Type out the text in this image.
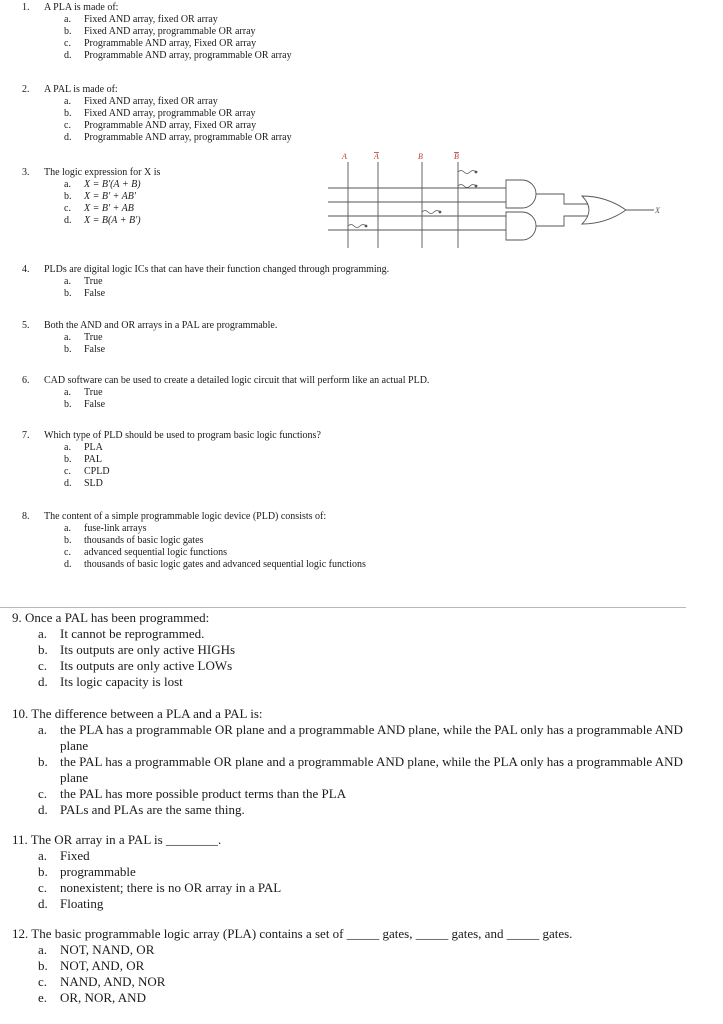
1. A PLA is made of:
a. Fixed AND array, fixed OR array
b. Fixed AND array, programmable OR array
c. Programmable AND array, Fixed OR array
d. Programmable AND array, programmable OR array
2. A PAL is made of:
a. Fixed AND array, fixed OR array
b. Fixed AND array, programmable OR array
c. Programmable AND array, Fixed OR array
d. Programmable AND array, programmable OR array
3. The logic expression for X is
a. X = B'(A + B)
b. X = B' + AB'
c. X = B' + AB
d. X = B(A + B')
A	A	B	B
X
4. PLDs are digital logic ICs that can have their function changed through programming.
a. True
b. False
5. Both the AND and OR arrays in a PAL are programmable.
a. True
b. False
6. CAD software can be used to create a detailed logic circuit that will perform like an actual PLD.
a. True
b. False
7. Which type of PLD should be used to program basic logic functions?
a. PLA
b. PAL
c. CPLD
d. SLD
8. The content of a simple programmable logic device (PLD) consists of:
a. fuse-link arrays
b. thousands of basic logic gates
c. advanced sequential logic functions
d. thousands of basic logic gates and advanced sequential logic functions
9. Once a PAL has been programmed:
a. It cannot be reprogrammed.
b. Its outputs are only active HIGHs
c. Its outputs are only active LOWs
d. Its logic capacity is lost
10. The difference between a PLA and a PAL is:
a. the PLA has a programmable OR plane and a programmable AND plane, while the PAL only has a programmable AND plane
b. the PAL has a programmable OR plane and a programmable AND plane, while the PLA only has a programmable AND plane
c. the PAL has more possible product terms than the PLA
d. PALs and PLAs are the same thing.
11. The OR array in a PAL is ________.
a. Fixed
b. programmable
c. nonexistent; there is no OR array in a PAL
d. Floating
12. The basic programmable logic array (PLA) contains a set of _____ gates, _____ gates, and _____ gates.
a. NOT, NAND, OR
b. NOT, AND, OR
c. NAND, AND, NOR
e. OR, NOR, AND
